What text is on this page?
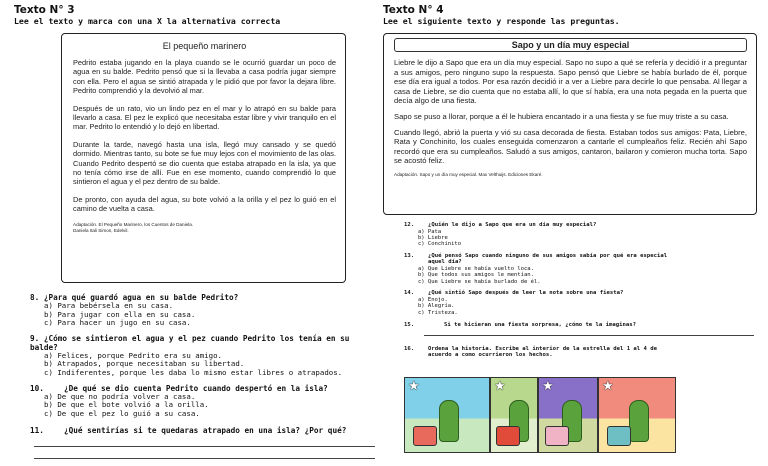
Texto N° 3
Lee el texto y marca con una X la alternativa correcta
El pequeño marinero

Pedrito estaba jugando en la playa cuando se le ocurrió guardar un poco de agua en su balde. Pedrito pensó que si la llevaba a casa podría jugar siempre con ella. Pero el agua se sintió atrapada y le pidió que por favor la dejara libre. Pedrito comprendió y la devolvió al mar.

Después de un rato, vio un lindo pez en el mar y lo atrapó en su balde para llevarlo a casa. El pez le explicó que necesitaba estar libre y vivir tranquilo en el mar. Pedrito lo entendió y lo dejó en libertad.

Durante la tarde, navegó hasta una isla, llegó muy cansado y se quedó dormido. Mientras tanto, su bote se fue muy lejos con el movimiento de las olas. Cuando Pedrito despertó se dio cuenta que estaba atrapado en la isla, ya que no tenía cómo irse de allí. Fue en ese momento, cuando comprendió lo que sintieron el agua y el pez dentro de su balde.

De pronto, con ayuda del agua, su bote volvió a la orilla y el pez lo guió en el camino de vuelta a casa.

Adaptación. El Pequeño Marinero, los Cuentos de Daniela. Daniela Itali Simon, Edelvil.
8. ¿Para qué guardó agua en su balde Pedrito?
a) Para bebérsela en su casa.
b) Para jugar con ella en su casa.
c) Para hacer un jugo en su casa.
9. ¿Cómo se sintieron el agua y el pez cuando Pedrito los tenía en su balde?
a) Felices, porque Pedrito era su amigo.
b) Atrapados, porque necesitaban su libertad.
c) Indiferentes, porque les daba lo mismo estar libres o atrapados.
10.	¿De qué se dio cuenta Pedrito cuando despertó en la isla?
a) De que no podría volver a casa.
b) De que el bote volvió a la orilla.
c) De que el pez lo guió a su casa.
11.	¿Qué sentirías si te quedaras atrapado en una isla? ¿Por qué?
Texto N° 4
Lee el siguiente texto y responde las preguntas.
Sapo y un día muy especial

Liebre le dijo a Sapo que era un día muy especial. Sapo no supo a qué se refería y decidió ir a preguntar a sus amigos, pero ninguno supo la respuesta. Sapo pensó que Liebre se había burlado de él, porque ese día era igual a todos. Por esa razón decidió ir a ver a Liebre para decirle lo que pensaba. Al llegar a casa de Liebre, se dio cuenta que no estaba allí, lo que sí había, era una nota pegada en la puerta que decía algo de una fiesta.

Sapo se puso a llorar, porque a él le hubiera encantado ir a una fiesta y se fue muy triste a su casa.

Cuando llegó, abrió la puerta y vió su casa decorada de fiesta. Estaban todos sus amigos: Pata, Liebre, Rata y Conchinito, los cuales enseguida comenzaron a cantarle el cumpleaños feliz. Recién ahí Sapo recordó que era su cumpleaños. Saludó a sus amigos, cantaron, bailaron y comieron mucha torta. Sapo se acostó feliz.

Adaptación. Sapo y un día muy especial. Max Velthuijs. Ediciones Ekaré.
12. ¿Quién le dijo a Sapo que era un día muy especial?
a) Pata
b) Liebre
c) Conchinito
13.	¿Qué pensó Sapo cuando ninguno de sus amigos sabía por qué era especial aquel día?
a) Que Liebre se había vuelto loca.
b) Que todos sus amigos le mentían.
c) Que Liebre se había burlado de él.
14. ¿Qué sintió Sapo después de leer la nota sobre una fiesta?
a) Enojo.
b) Alegría.
c) Tristeza.
15.	Si te hicieran una fiesta sorpresa, ¿cómo te la imaginas?
16.	Ordena la historia. Escribe al interior de la estrella del 1 al 4 de acuerdo a como ocurrieron los hechos.
★	★	★	★
